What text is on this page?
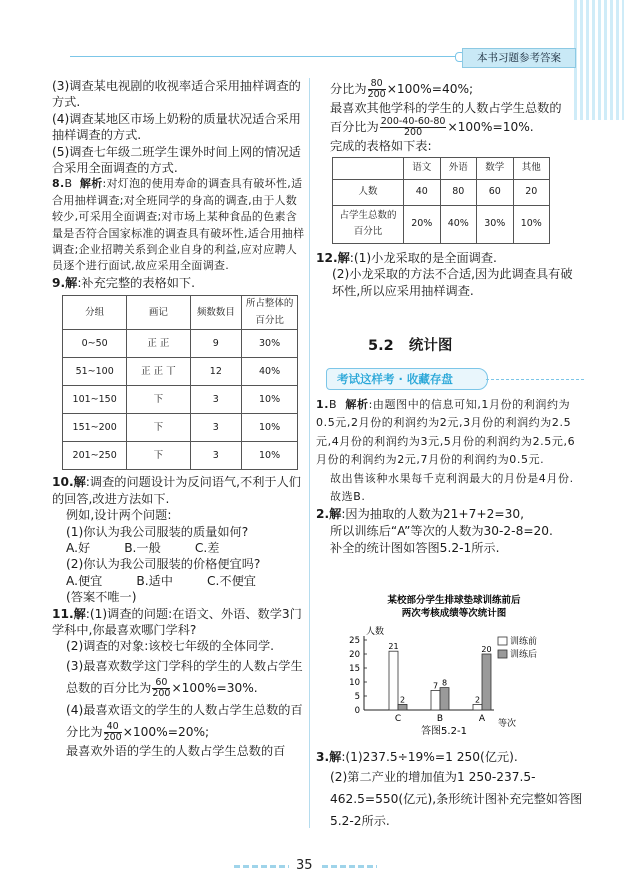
本书习题参考答案

(3)调查某电视剧的收视率适合采用抽样调查的方式.

(4)调查某地区市场上奶粉的质量状况适合采用抽样调查的方式.

(5)调查七年级二班学生课外时间上网的情况适合采用全面调查的方式.

8.B 解析:对灯泡的使用寿命的调查具有破坏性,适合用抽样调查;对全班同学的身高的调查,由于人数较少,可采用全面调查;对市场上某种食品的色素含量是否符合国家标准的调查具有破坏性,适合用抽样调查;企业招聘关系到企业自身的利益,应对应聘人员逐个进行面试,故应采用全面调查.

9.解:补充完整的表格如下.

分组	画记	频数数目	所占整体的百分比
0~50	正 正	9	30%
51~100	正 正 丅	12	40%
101~150	下	3	10%
151~200	下	3	10%
201~250	下	3	10%

10.解:调查的问题设计为反问语气,不利于人们的回答,改进方法如下.

例如,设计两个问题:

(1)你认为我公司服装的质量如何?

A.好	B.一般	C.差

(2)你认为我公司服装的价格便宜吗?

A.便宜	B.适中	C.不便宜

(答案不唯一)

11.解:(1)调查的问题:在语文、外语、数学3门学科中,你最喜欢哪门学科?

(2)调查的对象:该校七年级的全体同学.

(3)最喜欢数学这门学科的学生的人数占学生总数的百分比为 $\frac{60}{200} \times 100\%=30\%$.

(4)最喜欢语文的学生的人数占学生总数的百分比为 $\frac{40}{200} \times 100\%=20\%$;

最喜欢外语的学生的人数占学生总数的百

分比为 $\frac{80}{200} \times 100\%=40\%$;

最喜欢其他学科的学生的人数占学生总数的

百分比为 $\frac{200-40-60-80}{200} \times 100\%=10\%$.

完成的表格如下表:

	语文	外语	数学	其他
人数	40	80	60	20
占学生总数的百分比	20%	40%	30%	10%

12.解:(1)小龙采取的是全面调查.

(2)小龙采取的方法不合适,因为此调查具有破坏性,所以应采用抽样调查.

5.2 统计图
考试这样考 · 收藏存盘

1.B 解析:由题图中的信息可知,1月份的利润约为0.5元,2月份的利润约为2元,3月份的利润约为2.5元,4月份的利润约为3元,5月份的利润约为2.5元,6月份的利润约为2元,7月份的利润约为0.5元.

故出售该种水果每千克利润最大的月份是4月份.故选B.

2.解:因为抽取的人数为21+7+2=30,

所以训练后“A”等次的人数为30-2-8=20.

补全的统计图如答图5.2-1所示.

某校部分学生排球垫球训练前后
两次考核成绩等次统计图
人数
0
5
10
15
20
25
等次
21
2
C
7 8
B
2
20
A
训练前
训练后
答图5.2-1

3.解:(1)237.5÷19%=1 250(亿元).

(2)第二产业的增加值为1 250-237.5-462.5=550(亿元),条形统计图补充完整如答图5.2-2所示.

35
